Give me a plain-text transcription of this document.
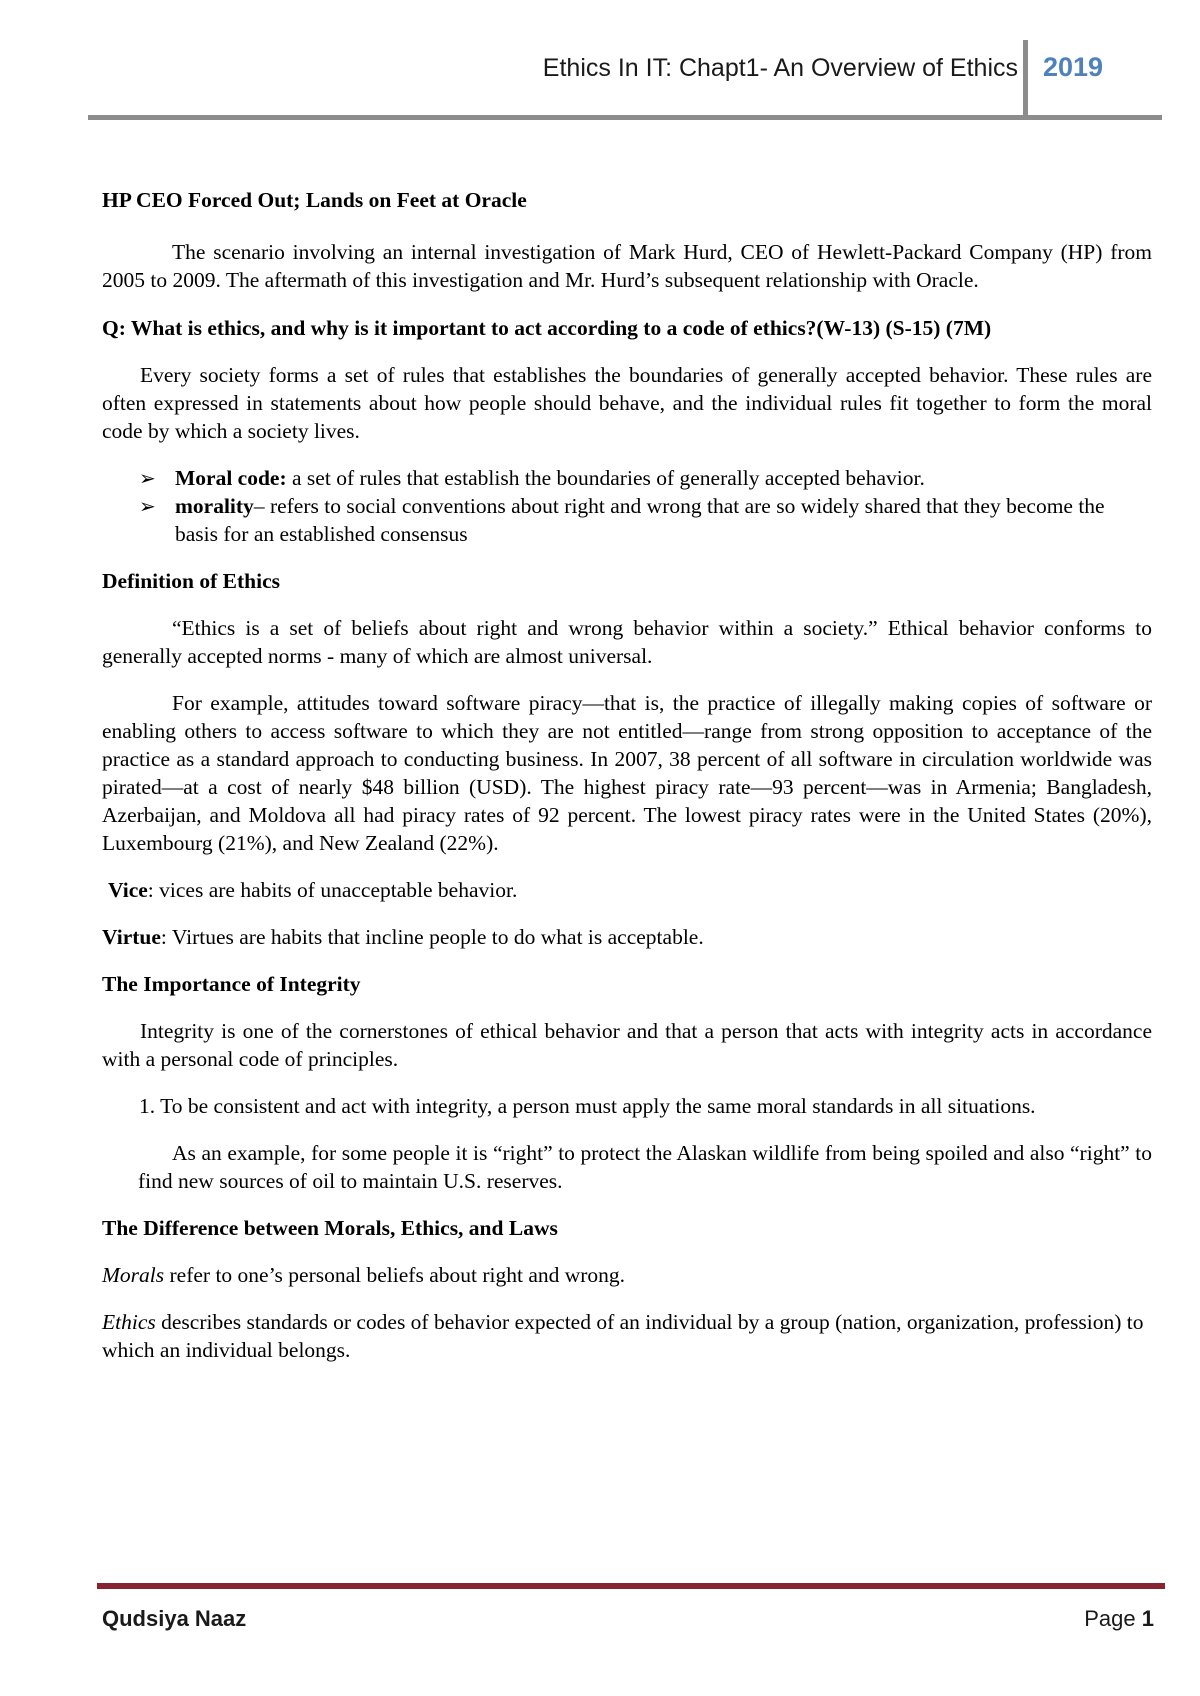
Ethics In IT: Chapt1- An Overview of Ethics 2019

HP CEO Forced Out; Lands on Feet at Oracle

The scenario involving an internal investigation of Mark Hurd, CEO of Hewlett-Packard Company (HP) from 2005 to 2009. The aftermath of this investigation and Mr. Hurd’s subsequent relationship with Oracle.

Q: What is ethics, and why is it important to act according to a code of ethics?(W-13) (S-15) (7M)

Every society forms a set of rules that establishes the boundaries of generally accepted behavior. These rules are often expressed in statements about how people should behave, and the individual rules fit together to form the moral code by which a society lives.

➢ Moral code: a set of rules that establish the boundaries of generally accepted behavior.
➢ morality– refers to social conventions about right and wrong that are so widely shared that they become the basis for an established consensus

Definition of Ethics

“Ethics is a set of beliefs about right and wrong behavior within a society.” Ethical behavior conforms to generally accepted norms - many of which are almost universal.

For example, attitudes toward software piracy—that is, the practice of illegally making copies of software or enabling others to access software to which they are not entitled—range from strong opposition to acceptance of the practice as a standard approach to conducting business. In 2007, 38 percent of all software in circulation worldwide was pirated—at a cost of nearly $48 billion (USD). The highest piracy rate—93 percent—was in Armenia; Bangladesh, Azerbaijan, and Moldova all had piracy rates of 92 percent. The lowest piracy rates were in the United States (20%), Luxembourg (21%), and New Zealand (22%).

Vice: vices are habits of unacceptable behavior.

Virtue: Virtues are habits that incline people to do what is acceptable.

The Importance of Integrity

Integrity is one of the cornerstones of ethical behavior and that a person that acts with integrity acts in accordance with a personal code of principles.

1. To be consistent and act with integrity, a person must apply the same moral standards in all situations.

As an example, for some people it is “right” to protect the Alaskan wildlife from being spoiled and also “right” to find new sources of oil to maintain U.S. reserves.

The Difference between Morals, Ethics, and Laws

Morals refer to one’s personal beliefs about right and wrong.

Ethics describes standards or codes of behavior expected of an individual by a group (nation, organization, profession) to which an individual belongs.

Qudsiya Naaz	Page 1
